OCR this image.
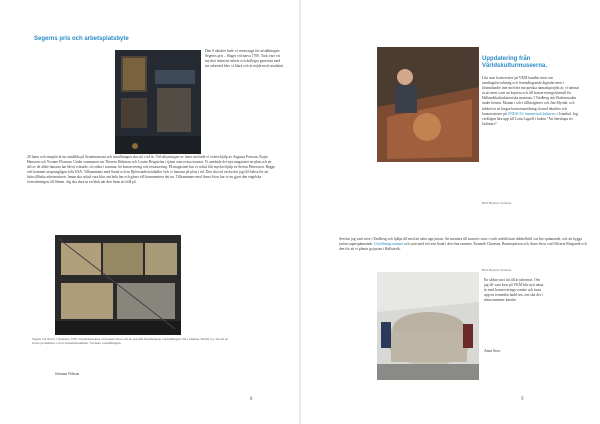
Segerns pris och arbetsplatsbyte
Den 8 oktober hade vi vernissage för utställningen Segerns pris – Slaget vid narva 1700. Tack vare ett mycket intensivt arbete och kollegor generösa med sin arbetstid blev vi klara och är nöjda med resultatet.
28 faner och vimplar är nu utställda på Armémuseum och utställningen ska stå i två år. Vid utbytningen av faner ma hade vi extern hjälp av Augusta Persson, Kajsa Hansson och Yvonne Florman. Under sommaren var Therese Hultman och Louise Bergström i tjänst som extra resurser. Vi använde det nya magasinet en plan och en del av de äldre fanorna har blivit tvättade, så rodna i sommar för konservering och restaurering. På magasinet har vi också fått mycket hjälp av Stefan Pettersson. Begge och kommer ursprungligen från USA. Tillsammans med Sarah och en Björnstadtsfotobuller fick vi fanorna på plats i tid. Den dra två vecka har jag till Saltsa för att hitta tillbaka arbetsrutinen. Innan ska också vara klar om hela fan och gärna vill kommentera det nu. Tillsammans med Anna Stow har vi nu gjort den engelska översättningen till filmen. Jag ska dura ut en länk när den finns att tillå på.
Segern vid Narva i Vadstena 1700. Vasaltsbetecknar en konservation och en specifik fanarbetande i utställningen. Nu i ademon Textile 4 y. Ser nu en större produktion i ett av museumsrummet. Svenska i utställningen.
Johanna Nilsson
8
Uppdatering från
Världskulturmuseerna.
Likt som konservator på VKM handlar mest om samlingsförvaltning och föremålsgrande åtgärder men i höstmånader inte med det europeiska damaskprojekt är, vi närmat ut att mest varit att kopiera och till konserveringsföremål för Hallandskulturhistoriska museum. I Vardberg står Bodomssalen under hösten. Mattan i tolvt tillhörigheter och Jim Myrdal, och tidskrivet en längre kontorsutredning så med tekniker och konservatorer på UNESCOs immaterialt kulturarv i Istanbul. Jag verkligen lära upp till Lotta Lagrell i boken "Att återskapa ett kulturarv".
Bild: Beatrice Tornerie
Sen har jag varit nere i Yardberg och hjälpt till med att sätta upp jurtan. Att montera till museet i norr i realt artbild utan dubbelbild, var lite spännande, och att bygga jurtan superspännande. Utställningsrummet och ytan med ett tvärt band i den fina rummet. Kenneth Claussen, Bonnerperson och Anna Stow vad Oliveria Ringstedt och den för att vi plenar ga jurtan i Hallstavik.
Bild: Beatrice Tornerie
En sådan stort fat till är jättestort. Om jag får vara kvar på VKM blir nytt nästa år med konserverings-creatie och fusta upp en tvrmeden hadd ren, ons ska det i nästa nummer kanske.
Anna Stow
9
